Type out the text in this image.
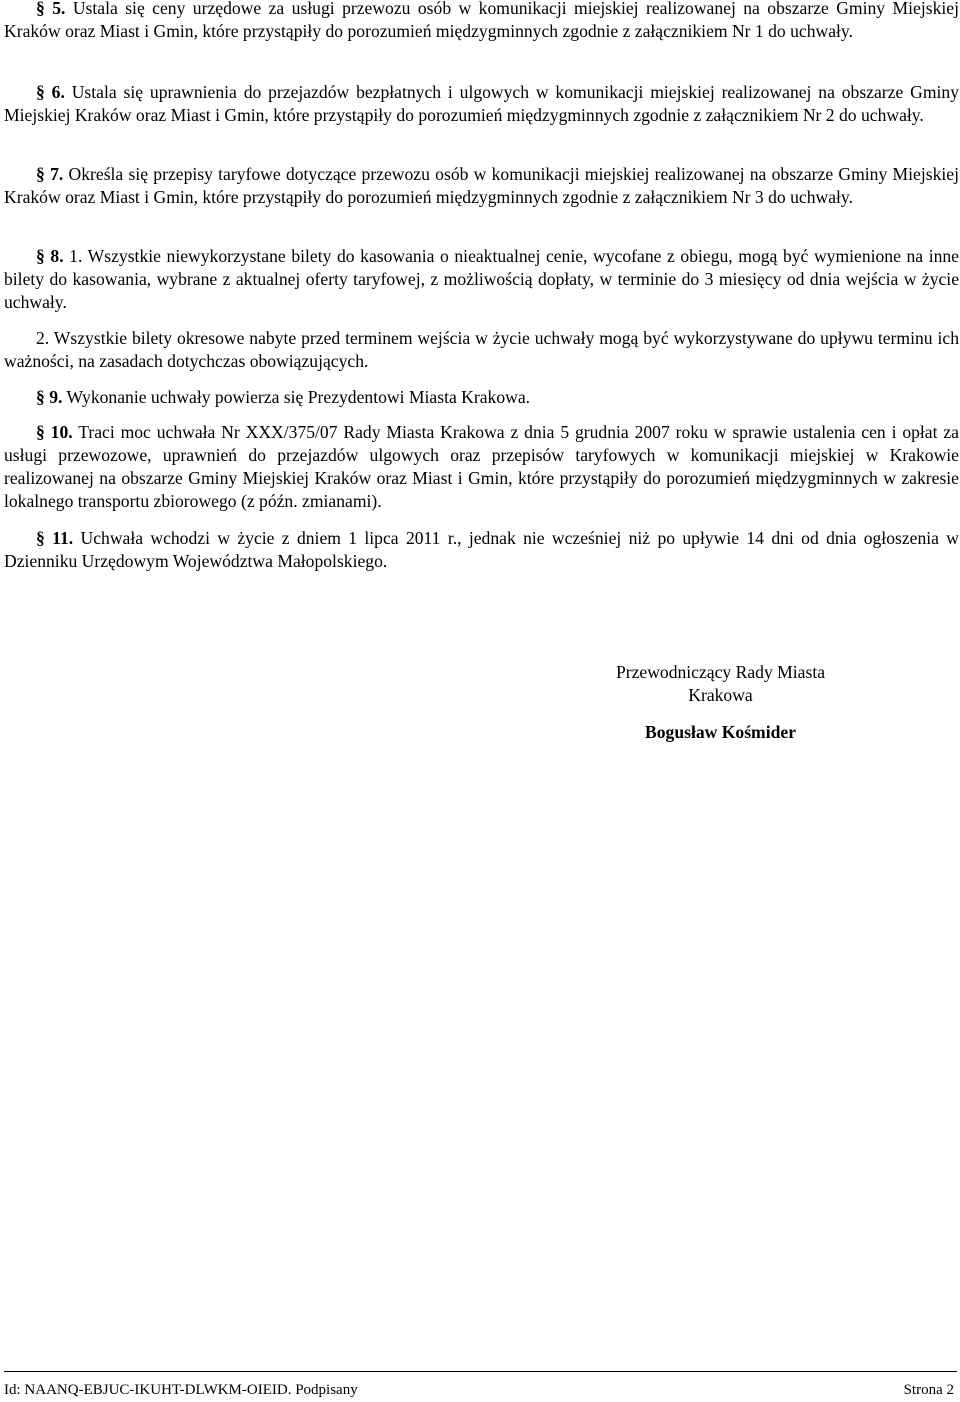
§ 5. Ustala się ceny urzędowe za usługi przewozu osób w komunikacji miejskiej realizowanej na obszarze Gminy Miejskiej Kraków oraz Miast i Gmin, które przystąpiły do porozumień międzygminnych zgodnie z załącznikiem Nr 1 do uchwały.

§ 6. Ustala się uprawnienia do przejazdów bezpłatnych i ulgowych w komunikacji miejskiej realizowanej na obszarze Gminy Miejskiej Kraków oraz Miast i Gmin, które przystąpiły do porozumień międzygminnych zgodnie z załącznikiem Nr 2 do uchwały.

§ 7. Określa się przepisy taryfowe dotyczące przewozu osób w komunikacji miejskiej realizowanej na obszarze Gminy Miejskiej Kraków oraz Miast i Gmin, które przystąpiły do porozumień międzygminnych zgodnie z załącznikiem Nr 3 do uchwały.

§ 8. 1. Wszystkie niewykorzystane bilety do kasowania o nieaktualnej cenie, wycofane z obiegu, mogą być wymienione na inne bilety do kasowania, wybrane z aktualnej oferty taryfowej, z możliwością dopłaty, w terminie do 3 miesięcy od dnia wejścia w życie uchwały.

2. Wszystkie bilety okresowe nabyte przed terminem wejścia w życie uchwały mogą być wykorzystywane do upływu terminu ich ważności, na zasadach dotychczas obowiązujących.

§ 9. Wykonanie uchwały powierza się Prezydentowi Miasta Krakowa.

§ 10. Traci moc uchwała Nr XXX/375/07 Rady Miasta Krakowa z dnia 5 grudnia 2007 roku w sprawie ustalenia cen i opłat za usługi przewozowe, uprawnień do przejazdów ulgowych oraz przepisów taryfowych w komunikacji miejskiej w Krakowie realizowanej na obszarze Gminy Miejskiej Kraków oraz Miast i Gmin, które przystąpiły do porozumień międzygminnych w zakresie lokalnego transportu zbiorowego (z późn. zmianami).

§ 11. Uchwała wchodzi w życie z dniem 1 lipca 2011 r., jednak nie wcześniej niż po upływie 14 dni od dnia ogłoszenia w Dzienniku Urzędowym Województwa Małopolskiego.

Przewodniczący Rady Miasta
Krakowa
Bogusław Kośmider
Id: NAANQ-EBJUC-IKUHT-DLWKM-OIEID. Podpisany	Strona 2
